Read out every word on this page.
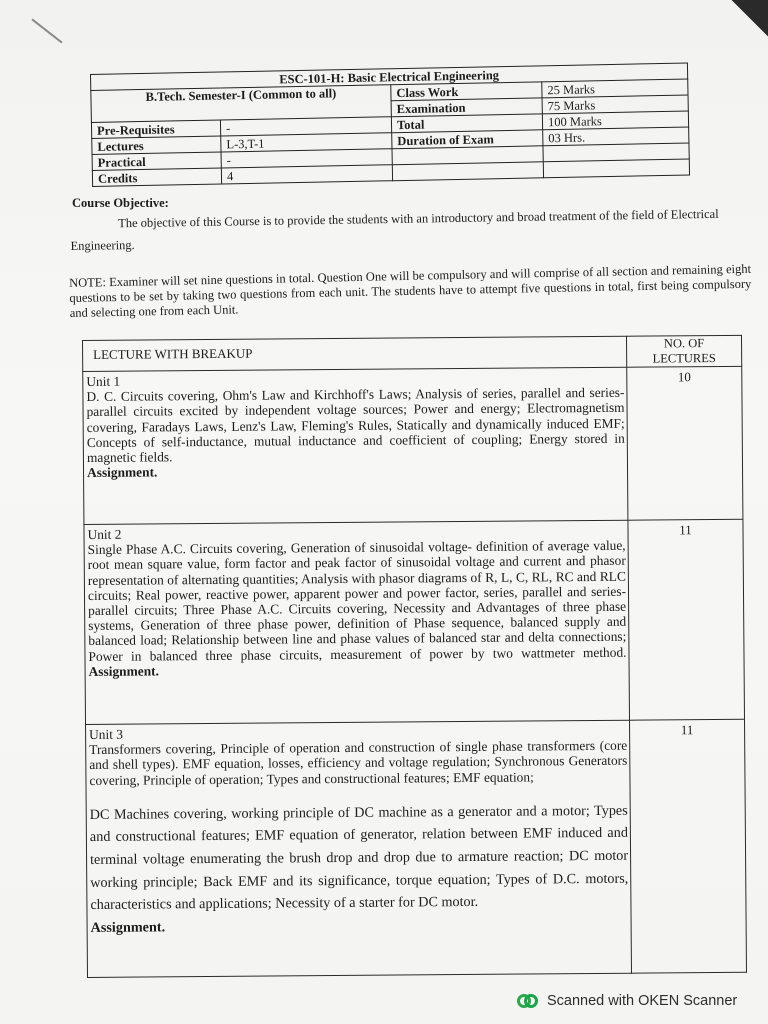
ESC-101-H: Basic Electrical Engineering			
B.Tech. Semester-I (Common to all)		Class Work	25 Marks
		Examination	75 Marks
Pre-Requisites	-	Total	100 Marks
Lectures	L-3,T-1	Duration of Exam	03 Hrs.
Practical	-		
Credits	4		
Course Objective:
The objective of this Course is to provide the students with an introductory and broad treatment of the field of Electrical Engineering.
NOTE: Examiner will set nine questions in total. Question One will be compulsory and will comprise of all section and remaining eight questions to be set by taking two questions from each unit. The students have to attempt five questions in total, first being compulsory and selecting one from each Unit.
LECTURE WITH BREAKUP	NO. OF LECTURES

Unit 1
D. C. Circuits covering, Ohm's Law and Kirchhoff's Laws; Analysis of series, parallel and series-parallel circuits excited by independent voltage sources; Power and energy; Electromagnetism covering, Faradays Laws, Lenz's Law, Fleming's Rules, Statically and dynamically induced EMF; Concepts of self-inductance, mutual inductance and coefficient of coupling; Energy stored in magnetic fields.
Assignment.	10

Unit 2
Single Phase A.C. Circuits covering, Generation of sinusoidal voltage- definition of average value, root mean square value, form factor and peak factor of sinusoidal voltage and current and phasor representation of alternating quantities; Analysis with phasor diagrams of R, L, C, RL, RC and RLC circuits; Real power, reactive power, apparent power and power factor, series, parallel and series- parallel circuits; Three Phase A.C. Circuits covering, Necessity and Advantages of three phase systems, Generation of three phase power, definition of Phase sequence, balanced supply and balanced load; Relationship between line and phase values of balanced star and delta connections; Power in balanced three phase circuits, measurement of power by two wattmeter method. Assignment.	11

Unit 3
Transformers covering, Principle of operation and construction of single phase transformers (core and shell types). EMF equation, losses, efficiency and voltage regulation; Synchronous Generators covering, Principle of operation; Types and constructional features; EMF equation;
DC Machines covering, working principle of DC machine as a generator and a motor; Types and constructional features; EMF equation of generator, relation between EMF induced and terminal voltage enumerating the brush drop and drop due to armature reaction; DC motor working principle; Back EMF and its significance, torque equation; Types of D.C. motors, characteristics and applications; Necessity of a starter for DC motor.
Assignment.	11
Scanned with OKEN Scanner
